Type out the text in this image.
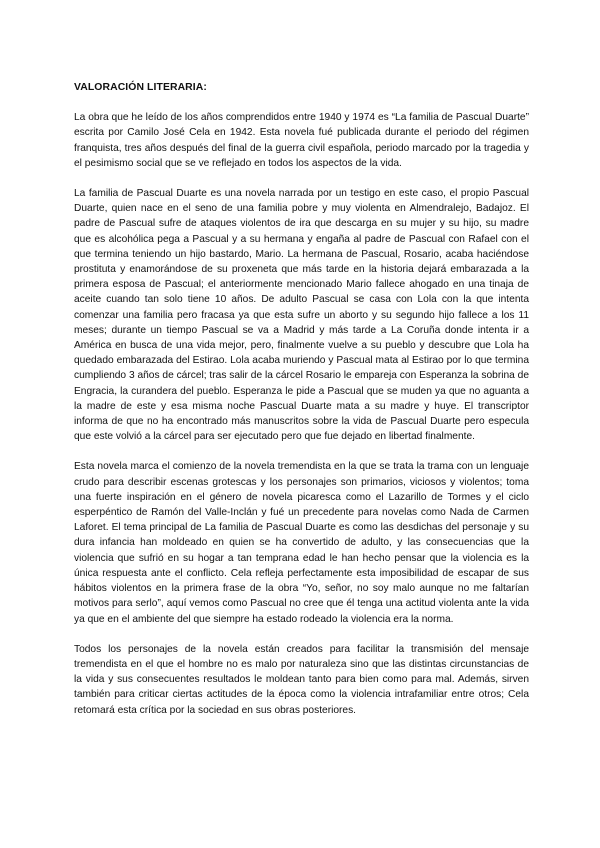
VALORACIÓN LITERARIA:

La obra que he leído de los años comprendidos entre 1940 y 1974 es “La familia de Pascual Duarte” escrita por Camilo José Cela en 1942. Esta novela fué publicada durante el periodo del régimen franquista, tres años después del final de la guerra civil española, periodo marcado por la tragedia y el pesimismo social que se ve reflejado en todos los aspectos de la vida.

La familia de Pascual Duarte es una novela narrada por un testigo en este caso, el propio Pascual Duarte, quien nace en el seno de una familia pobre y muy violenta en Almendralejo, Badajoz. El padre de Pascual sufre de ataques violentos de ira que descarga en su mujer y su hijo, su madre que es alcohólica pega a Pascual y a su hermana y engaña al padre de Pascual con Rafael con el que termina teniendo un hijo bastardo, Mario. La hermana de Pascual, Rosario, acaba haciéndose prostituta y enamorándose de su proxeneta que más tarde en la historia dejará embarazada a la primera esposa de Pascual; el anteriormente mencionado Mario fallece ahogado en una tinaja de aceite cuando tan solo tiene 10 años. De adulto Pascual se casa con Lola con la que intenta comenzar una familia pero fracasa ya que esta sufre un aborto y su segundo hijo fallece a los 11 meses; durante un tiempo Pascual se va a Madrid y más tarde a La Coruña donde intenta ir a América en busca de una vida mejor, pero, finalmente vuelve a su pueblo y descubre que Lola ha quedado embarazada del Estirao. Lola acaba muriendo y Pascual mata al Estirao por lo que termina cumpliendo 3 años de cárcel; tras salir de la cárcel Rosario le empareja con Esperanza la sobrina de Engracia, la curandera del pueblo. Esperanza le pide a Pascual que se muden ya que no aguanta a la madre de este y esa misma noche Pascual Duarte mata a su madre y huye. El transcriptor informa de que no ha encontrado más manuscritos sobre la vida de Pascual Duarte pero especula que este volvió a la cárcel para ser ejecutado pero que fue dejado en libertad finalmente.

Esta novela marca el comienzo de la novela tremendista en la que se trata la trama con un lenguaje crudo para describir escenas grotescas y los personajes son primarios, viciosos y violentos; toma una fuerte inspiración en el género de novela picaresca como el Lazarillo de Tormes y el ciclo esperpéntico de Ramón del Valle-Inclán y fué un precedente para novelas como Nada de Carmen Laforet. El tema principal de La familia de Pascual Duarte es como las desdichas del personaje y su dura infancia han moldeado en quien se ha convertido de adulto, y las consecuencias que la violencia que sufrió en su hogar a tan temprana edad le han hecho pensar que la violencia es la única respuesta ante el conflicto. Cela refleja perfectamente esta imposibilidad de escapar de sus hábitos violentos en la primera frase de la obra “Yo, señor, no soy malo aunque no me faltarían motivos para serlo”, aquí vemos como Pascual no cree que él tenga una actitud violenta ante la vida ya que en el ambiente del que siempre ha estado rodeado la violencia era la norma.

Todos los personajes de la novela están creados para facilitar la transmisión del mensaje tremendista en el que el hombre no es malo por naturaleza sino que las distintas circunstancias de la vida y sus consecuentes resultados le moldean tanto para bien como para mal. Además, sirven también para criticar ciertas actitudes de la época como la violencia intrafamiliar entre otros; Cela retomará esta crítica por la sociedad en sus obras posteriores.
